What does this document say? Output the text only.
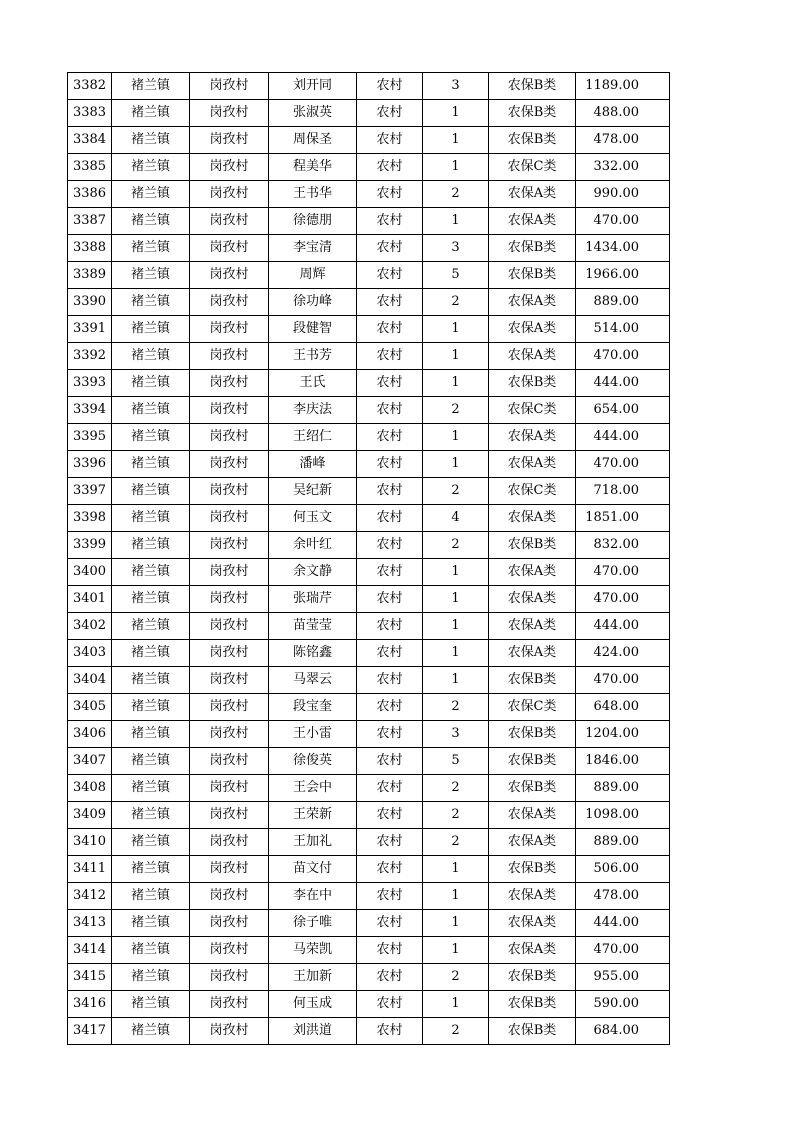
3382	褚兰镇	岗孜村	刘开同	农村	3	农保B类	1189.00
3383	褚兰镇	岗孜村	张淑英	农村	1	农保B类	488.00
3384	褚兰镇	岗孜村	周保圣	农村	1	农保B类	478.00
3385	褚兰镇	岗孜村	程美华	农村	1	农保C类	332.00
3386	褚兰镇	岗孜村	王书华	农村	2	农保A类	990.00
3387	褚兰镇	岗孜村	徐德朋	农村	1	农保A类	470.00
3388	褚兰镇	岗孜村	李宝清	农村	3	农保B类	1434.00
3389	褚兰镇	岗孜村	周辉	农村	5	农保B类	1966.00
3390	褚兰镇	岗孜村	徐功峰	农村	2	农保A类	889.00
3391	褚兰镇	岗孜村	段健智	农村	1	农保A类	514.00
3392	褚兰镇	岗孜村	王书芳	农村	1	农保A类	470.00
3393	褚兰镇	岗孜村	王氏	农村	1	农保B类	444.00
3394	褚兰镇	岗孜村	李庆法	农村	2	农保C类	654.00
3395	褚兰镇	岗孜村	王绍仁	农村	1	农保A类	444.00
3396	褚兰镇	岗孜村	潘峰	农村	1	农保A类	470.00
3397	褚兰镇	岗孜村	吴纪新	农村	2	农保C类	718.00
3398	褚兰镇	岗孜村	何玉文	农村	4	农保A类	1851.00
3399	褚兰镇	岗孜村	余叶红	农村	2	农保B类	832.00
3400	褚兰镇	岗孜村	余文静	农村	1	农保A类	470.00
3401	褚兰镇	岗孜村	张瑞芹	农村	1	农保A类	470.00
3402	褚兰镇	岗孜村	苗莹莹	农村	1	农保A类	444.00
3403	褚兰镇	岗孜村	陈铭鑫	农村	1	农保A类	424.00
3404	褚兰镇	岗孜村	马翠云	农村	1	农保B类	470.00
3405	褚兰镇	岗孜村	段宝奎	农村	2	农保C类	648.00
3406	褚兰镇	岗孜村	王小雷	农村	3	农保B类	1204.00
3407	褚兰镇	岗孜村	徐俊英	农村	5	农保B类	1846.00
3408	褚兰镇	岗孜村	王会中	农村	2	农保B类	889.00
3409	褚兰镇	岗孜村	王荣新	农村	2	农保A类	1098.00
3410	褚兰镇	岗孜村	王加礼	农村	2	农保A类	889.00
3411	褚兰镇	岗孜村	苗文付	农村	1	农保B类	506.00
3412	褚兰镇	岗孜村	李在中	农村	1	农保A类	478.00
3413	褚兰镇	岗孜村	徐子唯	农村	1	农保A类	444.00
3414	褚兰镇	岗孜村	马荣凯	农村	1	农保A类	470.00
3415	褚兰镇	岗孜村	王加新	农村	2	农保B类	955.00
3416	褚兰镇	岗孜村	何玉成	农村	1	农保B类	590.00
3417	褚兰镇	岗孜村	刘洪道	农村	2	农保B类	684.00
